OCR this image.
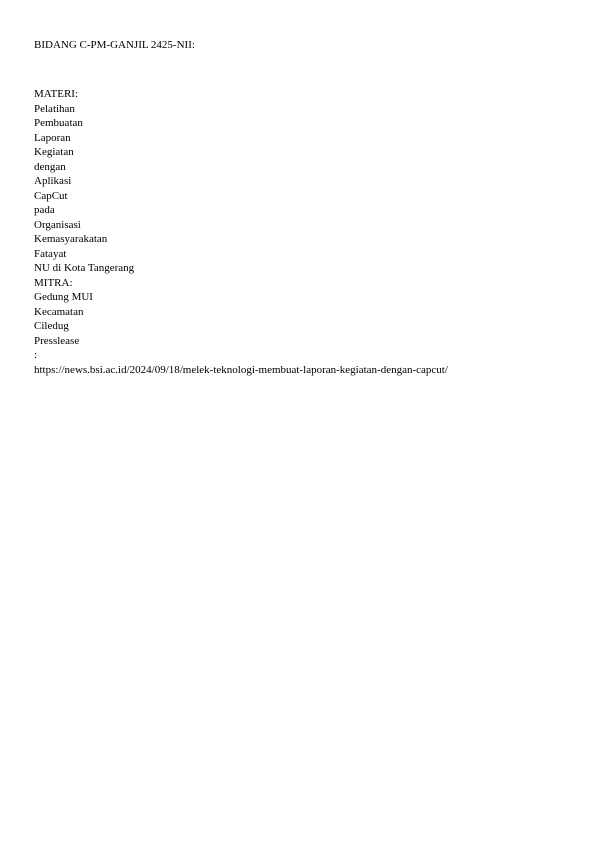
BIDANG C-PM-GANJIL 2425-NII:
MATERI:
Pelatihan
Pembuatan
Laporan
Kegiatan
dengan
Aplikasi
CapCut
pada
Organisasi
Kemasyarakatan
Fatayat
NU di Kota Tangerang
MITRA:
Gedung MUI
Kecamatan
Ciledug
Presslease
:
https://news.bsi.ac.id/2024/09/18/melek-teknologi-membuat-laporan-kegiatan-dengan-capcut/
